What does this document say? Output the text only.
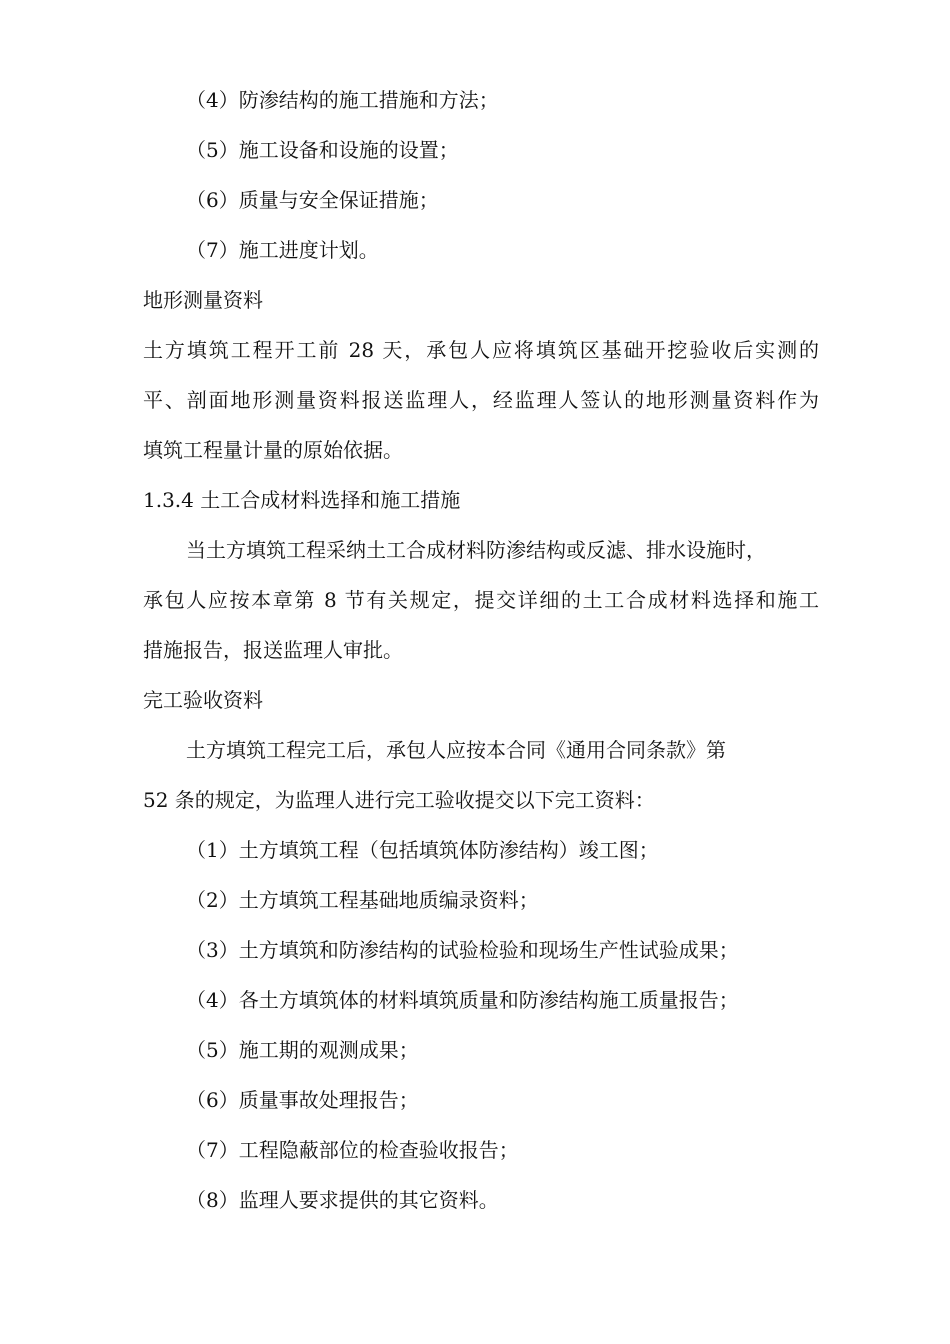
（4）防渗结构的施工措施和方法；
（5）施工设备和设施的设置；
（6）质量与安全保证措施；
（7）施工进度计划。
地形测量资料
土方填筑工程开工前 28 天，承包人应将填筑区基础开挖验收后实测的
平、剖面地形测量资料报送监理人，经监理人签认的地形测量资料作为
填筑工程量计量的原始依据。
1.3.4 土工合成材料选择和施工措施
当土方填筑工程采纳土工合成材料防渗结构或反滤、排水设施时，
承包人应按本章第 8 节有关规定，提交详细的土工合成材料选择和施工
措施报告，报送监理人审批。
完工验收资料
土方填筑工程完工后，承包人应按本合同《通用合同条款》第
52 条的规定，为监理人进行完工验收提交以下完工资料：
（1）土方填筑工程（包括填筑体防渗结构）竣工图；
（2）土方填筑工程基础地质编录资料；
（3）土方填筑和防渗结构的试验检验和现场生产性试验成果；
（4）各土方填筑体的材料填筑质量和防渗结构施工质量报告；
（5）施工期的观测成果；
（6）质量事故处理报告；
（7）工程隐蔽部位的检查验收报告；
（8）监理人要求提供的其它资料。
